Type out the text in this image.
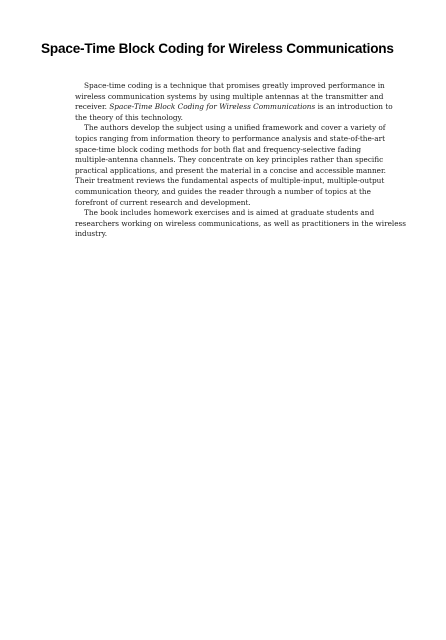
Space-Time Block Coding for Wireless Communications

Space-time coding is a technique that promises greatly improved performance in
wireless communication systems by using multiple antennas at the transmitter and
receiver. Space-Time Block Coding for Wireless Communications is an introduction to
the theory of this technology.

The authors develop the subject using a unified framework and cover a variety of
topics ranging from information theory to performance analysis and state-of-the-art
space-time block coding methods for both flat and frequency-selective fading
multiple-antenna channels. They concentrate on key principles rather than specific
practical applications, and present the material in a concise and accessible manner.
Their treatment reviews the fundamental aspects of multiple-input, multiple-output
communication theory, and guides the reader through a number of topics at the
forefront of current research and development.

The book includes homework exercises and is aimed at graduate students and
researchers working on wireless communications, as well as practitioners in the wireless
industry.
